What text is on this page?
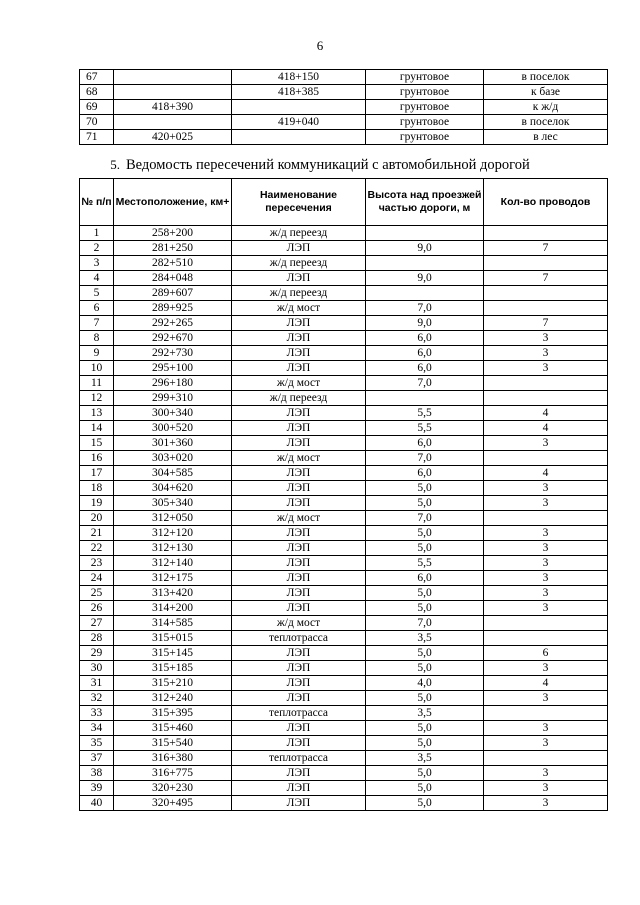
6
67		418+150	грунтовое	в поселок
68		418+385	грунтовое	к базе
69	418+390		грунтовое	к ж/д
70		419+040	грунтовое	в поселок
71	420+025		грунтовое	в лес
5. Ведомость пересечений коммуникаций с автомобильной дорогой
№ п/п	Местоположение, км+	Наименование пересечения	Высота над проезжей частью дороги, м	Кол-во проводов
1	258+200	ж/д переезд		
2	281+250	ЛЭП	9,0	7
3	282+510	ж/д переезд		
4	284+048	ЛЭП	9,0	7
5	289+607	ж/д переезд		
6	289+925	ж/д мост	7,0	
7	292+265	ЛЭП	9,0	7
8	292+670	ЛЭП	6,0	3
9	292+730	ЛЭП	6,0	3
10	295+100	ЛЭП	6,0	3
11	296+180	ж/д мост	7,0	
12	299+310	ж/д переезд		
13	300+340	ЛЭП	5,5	4
14	300+520	ЛЭП	5,5	4
15	301+360	ЛЭП	6,0	3
16	303+020	ж/д мост	7,0	
17	304+585	ЛЭП	6,0	4
18	304+620	ЛЭП	5,0	3
19	305+340	ЛЭП	5,0	3
20	312+050	ж/д мост	7,0	
21	312+120	ЛЭП	5,0	3
22	312+130	ЛЭП	5,0	3
23	312+140	ЛЭП	5,5	3
24	312+175	ЛЭП	6,0	3
25	313+420	ЛЭП	5,0	3
26	314+200	ЛЭП	5,0	3
27	314+585	ж/д мост	7,0	
28	315+015	теплотрасса	3,5	
29	315+145	ЛЭП	5,0	6
30	315+185	ЛЭП	5,0	3
31	315+210	ЛЭП	4,0	4
32	312+240	ЛЭП	5,0	3
33	315+395	теплотрасса	3,5	
34	315+460	ЛЭП	5,0	3
35	315+540	ЛЭП	5,0	3
37	316+380	теплотрасса	3,5	
38	316+775	ЛЭП	5,0	3
39	320+230	ЛЭП	5,0	3
40	320+495	ЛЭП	5,0	3
